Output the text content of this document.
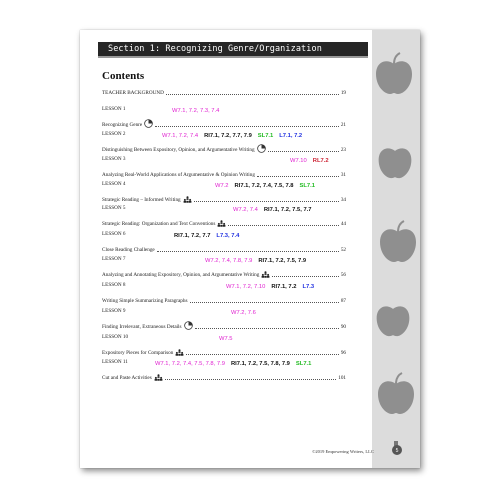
Section 1: Recognizing Genre/Organization
Contents
TEACHER BACKGROUND	19
LESSON 1	W7.1, 7.2, 7.3, 7.4
Recognizing Genre	21
LESSON 2	W7.1, 7.2, 7.4 RI7.1, 7.2, 7.7, 7.9 SL7.1 L7.1, 7.2
Distinguishing Between Expository, Opinion, and Argumentative Writing	23
LESSON 3	W7.10 RL7.2
Analyzing Real-World Applications of Argumentative & Opinion Writing	31
LESSON 4	W7.2 RI7.1, 7.2, 7.4, 7.5, 7.8 SL7.1
Strategic Reading – Informed Writing	34
LESSON 5	W7.2, 7.4 RI7.1, 7.2, 7.5, 7.7
Strategic Reading: Organization and Text Conventions	44
LESSON 6	RI7.1, 7.2, 7.7 L7.3, 7.4
Close Reading Challenge	52
LESSON 7	W7.2, 7.4, 7.8, 7.9 RI7.1, 7.2, 7.5, 7.9
Analyzing and Annotating Expository, Opinion, and Argumentative Writing	56
LESSON 8	W7.1, 7.2, 7.10 RI7.1, 7.2 L7.3
Writing Simple Summarizing Paragraphs	87
LESSON 9	W7.2, 7.6
Finding Irrelevant, Extraneous Details	90
LESSON 10	W7.5
Expository Pieces for Comparison	96
LESSON 11	W7.1, 7.2, 7.4, 7.5, 7.8, 7.9 RI7.1, 7.2, 7.5, 7.8, 7.9 SL7.1
Cut and Paste Activities	101
©2019 Empowering Writers, LLC	5
